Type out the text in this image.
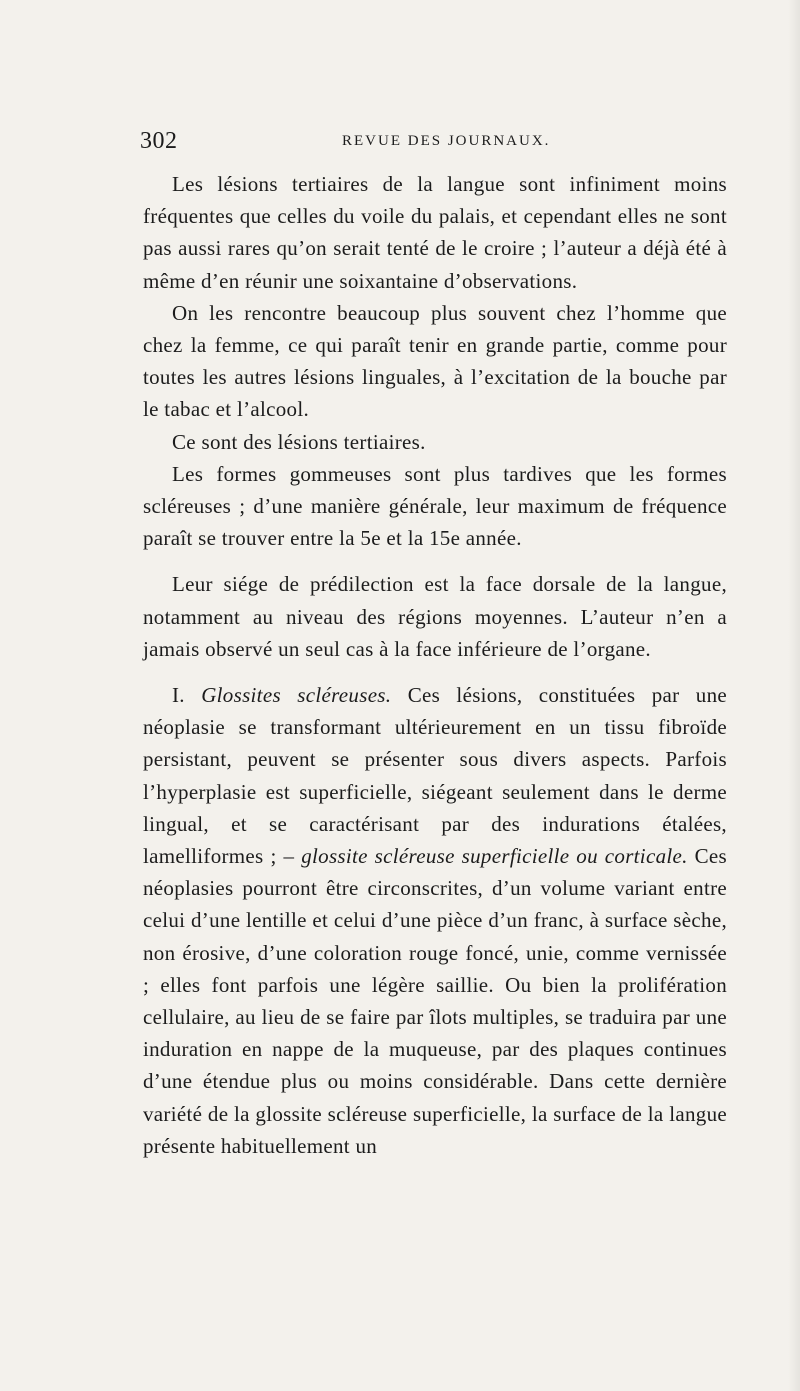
302	REVUE DES JOURNAUX.

Les lésions tertiaires de la langue sont infiniment moins fréquentes que celles du voile du palais, et cependant elles ne sont pas aussi rares qu’on serait tenté de le croire ; l’auteur a déjà été à même d’en réunir une soixantaine d’observations.

On les rencontre beaucoup plus souvent chez l’homme que chez la femme, ce qui paraît tenir en grande partie, comme pour toutes les autres lésions linguales, à l’excitation de la bouche par le tabac et l’alcool.

Ce sont des lésions tertiaires.

Les formes gommeuses sont plus tardives que les formes scléreuses ; d’une manière générale, leur maximum de fréquence paraît se trouver entre la 5e et la 15e année.

Leur siége de prédilection est la face dorsale de la langue, notamment au niveau des régions moyennes. L’auteur n’en a jamais observé un seul cas à la face inférieure de l’organe.

I. Glossites scléreuses. Ces lésions, constituées par une néoplasie se transformant ultérieurement en un tissu fibroïde persistant, peuvent se présenter sous divers aspects. Parfois l’hyperplasie est superficielle, siégeant seulement dans le derme lingual, et se caractérisant par des indurations étalées, lamelliformes ; – glossite scléreuse superficielle ou corticale. Ces néoplasies pourront être circonscrites, d’un volume variant entre celui d’une lentille et celui d’une pièce d’un franc, à surface sèche, non érosive, d’une coloration rouge foncé, unie, comme vernissée ; elles font parfois une légère saillie. Ou bien la prolifération cellulaire, au lieu de se faire par îlots multiples, se traduira par une induration en nappe de la muqueuse, par des plaques continues d’une étendue plus ou moins considérable. Dans cette dernière variété de la glossite scléreuse superficielle, la surface de la langue présente habituellement un
